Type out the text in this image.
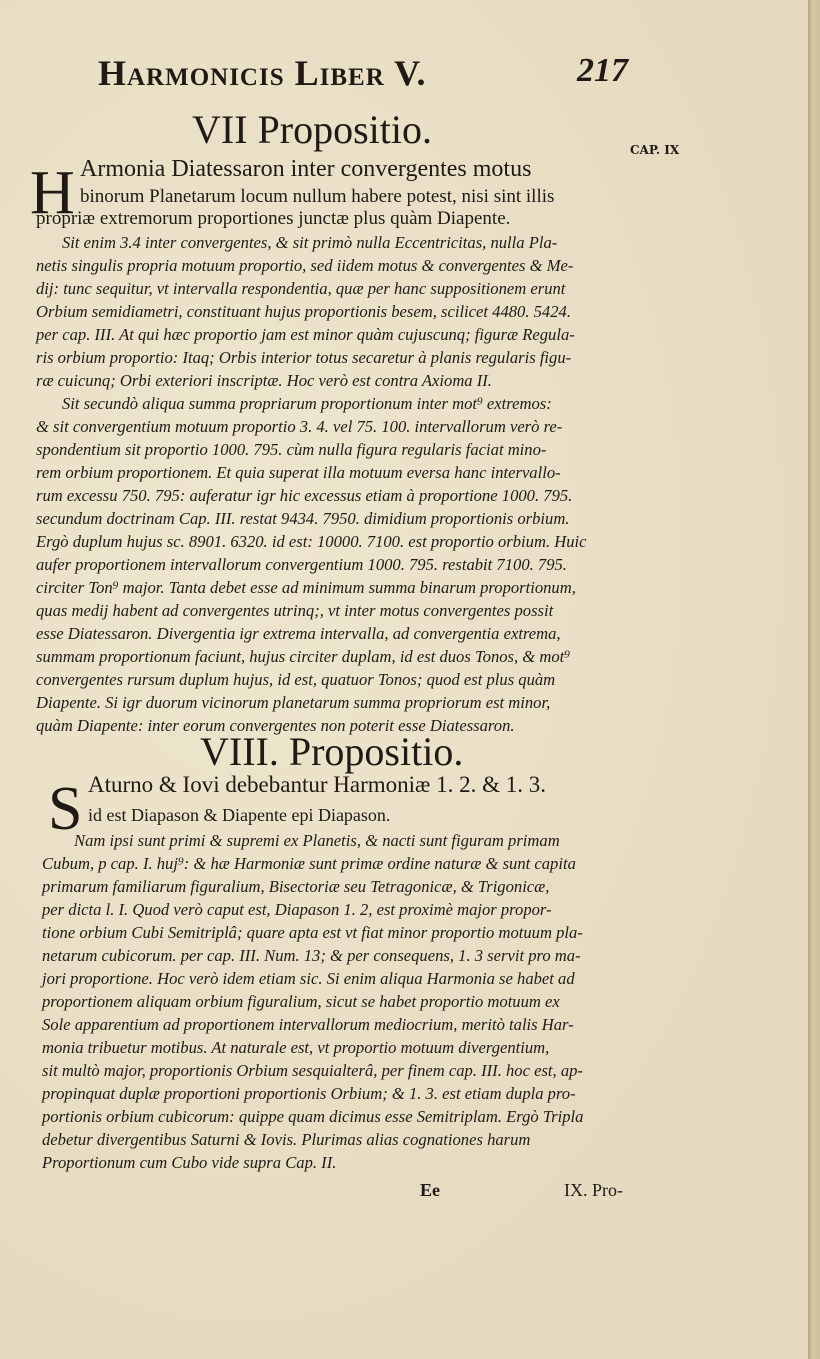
Harmonicis Liber V.	217
CAP. IX
VII Propositio.
H Armonia Diatessaron inter convergentes motus
binorum Planetarum locum nullum habere potest, nisi sint illis
propriæ extremorum proportiones junctæ plus quàm Diapente.
Sit enim 3.4 inter convergentes, & sit primò nulla Eccentricitas, nulla Pla-
netis singulis propria motuum proportio, sed iidem motus & convergentes & Me-
dij: tunc sequitur, vt intervalla respondentia, quæ per hanc suppositionem erunt
Orbium semidiametri, constituant hujus proportionis besem, scilicet 4480. 5424.
per cap. III. At qui hæc proportio jam est minor quàm cujuscunq; figuræ Regula-
ris orbium proportio: Itaq; Orbis interior totus secaretur à planis regularis figu-
ræ cuicunq; Orbi exteriori inscriptæ. Hoc verò est contra Axioma II.
Sit secundò aliqua summa propriarum proportionum inter mot⁹ extremos:
& sit convergentium motuum proportio 3. 4. vel 75. 100. intervallorum verò re-
spondentium sit proportio 1000. 795. cùm nulla figura regularis faciat mino-
rem orbium proportionem. Et quia superat illa motuum eversa hanc intervallo-
rum excessu 750. 795: auferatur igr hic excessus etiam à proportione 1000. 795.
secundum doctrinam Cap. III. restat 9434. 7950. dimidium proportionis orbium.
Ergò duplum hujus sc. 8901. 6320. id est: 10000. 7100. est proportio orbium. Huic
aufer proportionem intervallorum convergentium 1000. 795. restabit 7100. 795.
circiter Ton⁹ major. Tanta debet esse ad minimum summa binarum proportionum,
quas medij habent ad convergentes utrinq;, vt inter motus convergentes possit
esse Diatessaron. Divergentia igr extrema intervalla, ad convergentia extrema,
summam proportionum faciunt, hujus circiter duplam, id est duos Tonos, & mot⁹
convergentes rursum duplum hujus, id est, quatuor Tonos; quod est plus quàm
Diapente. Si igr duorum vicinorum planetarum summa propriorum est minor,
quàm Diapente: inter eorum convergentes non poterit esse Diatessaron.
VIII. Propositio.
S Aturno & Iovi debebantur Harmoniæ 1. 2. & 1. 3.
id est Diapason & Diapente epi Diapason.
Nam ipsi sunt primi & supremi ex Planetis, & nacti sunt figuram primam
Cubum, p cap. I. huj⁹: & hæ Harmoniæ sunt primæ ordine naturæ & sunt capita
primarum familiarum figuralium, Bisectoriæ seu Tetragonicæ, & Trigonicæ,
per dicta l. I. Quod verò caput est, Diapason 1. 2, est proximè major propor-
tione orbium Cubi Semitriplâ; quare apta est vt fiat minor proportio motuum pla-
netarum cubicorum. per cap. III. Num. 13; & per consequens, 1. 3 servit pro ma-
jori proportione. Hoc verò idem etiam sic. Si enim aliqua Harmonia se habet ad
proportionem aliquam orbium figuralium, sicut se habet proportio motuum ex
Sole apparentium ad proportionem intervallorum mediocrium, meritò talis Har-
monia tribuetur motibus. At naturale est, vt proportio motuum divergentium,
sit multò major, proportionis Orbium sesquialterâ, per finem cap. III. hoc est, ap-
propinquat duplæ proportioni proportionis Orbium; & 1. 3. est etiam dupla pro-
portionis orbium cubicorum: quippe quam dicimus esse Semitriplam. Ergò Tripla
debetur divergentibus Saturni & Iovis. Plurimas alias cognationes harum
Proportionum cum Cubo vide supra Cap. II.
Ee	IX. Pro-
